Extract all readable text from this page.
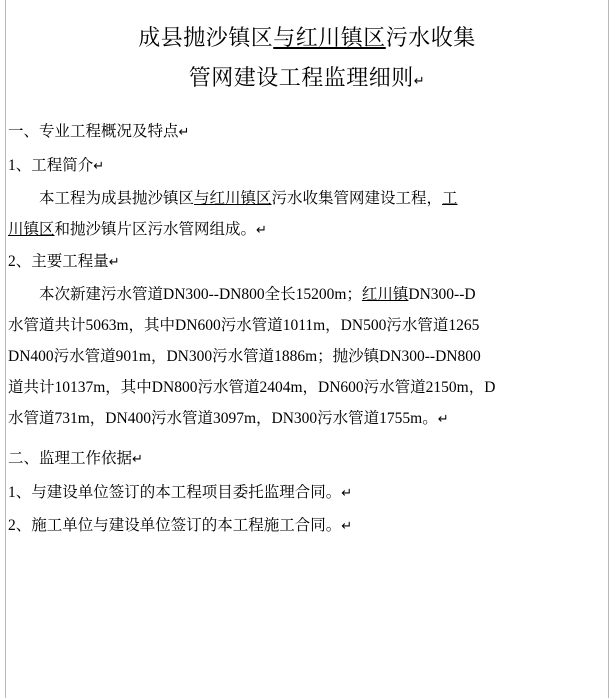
成县抛沙镇区与红川镇区污水收集
管网建设工程监理细则↵
一、专业工程概况及特点↵
1、工程简介↵
本工程为成县抛沙镇区与红川镇区污水收集管网建设工程，工
川镇区和抛沙镇片区污水管网组成。↵
2、主要工程量↵
本次新建污水管道DN300--DN800全长15200m；红川镇DN300--D
水管道共计5063m，其中DN600污水管道1011m，DN500污水管道1265
DN400污水管道901m，DN300污水管道1886m；抛沙镇DN300--DN800
道共计10137m，其中DN800污水管道2404m，DN600污水管道2150m，D
水管道731m，DN400污水管道3097m，DN300污水管道1755m。↵
二、监理工作依据↵
1、与建设单位签订的本工程项目委托监理合同。↵
2、施工单位与建设单位签订的本工程施工合同。↵
